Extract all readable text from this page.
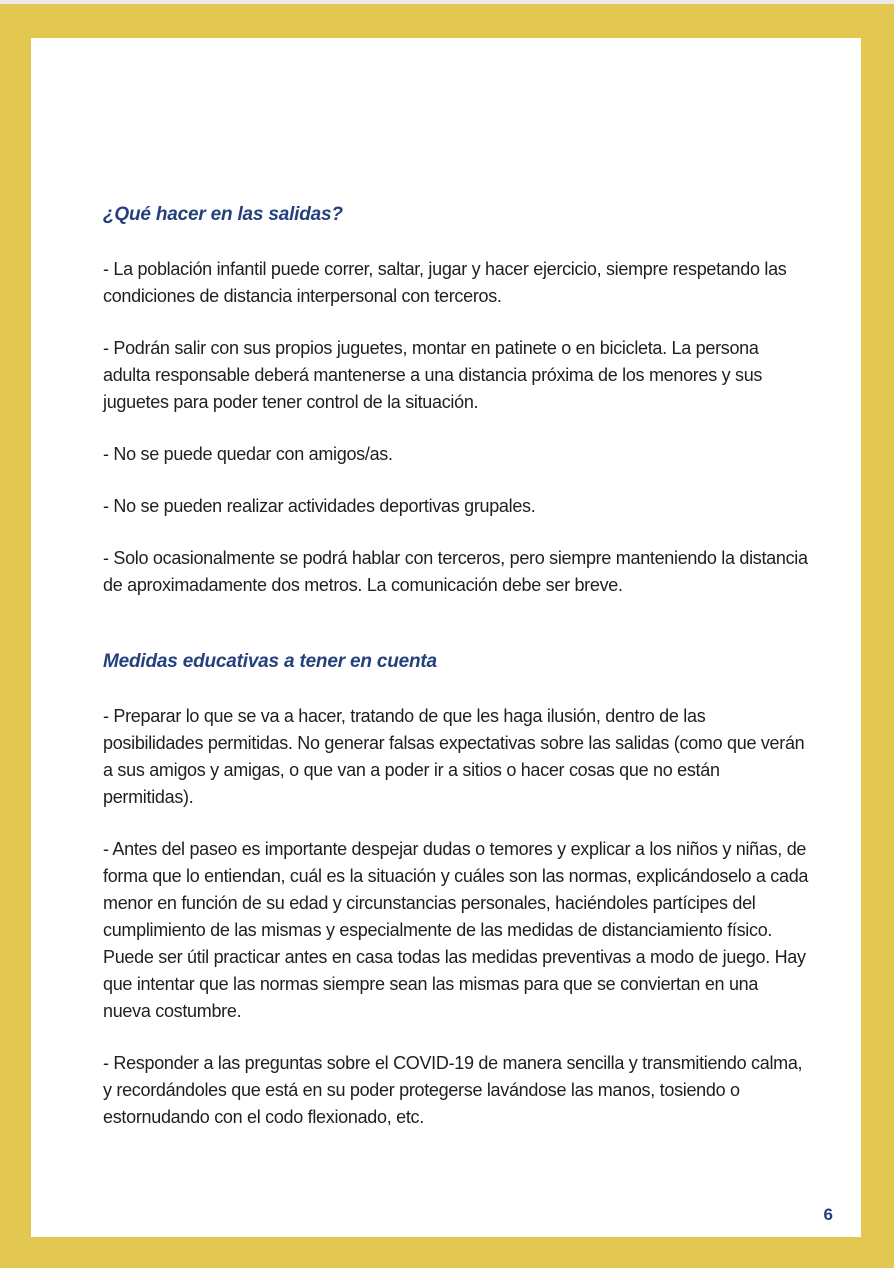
¿Qué hacer en las salidas?

- La población infantil puede correr, saltar, jugar y hacer ejercicio, siempre respetando las condiciones de distancia interpersonal con terceros.

- Podrán salir con sus propios juguetes, montar en patinete o en bicicleta. La persona adulta responsable deberá mantenerse a una distancia próxima de los menores y sus juguetes para poder tener control de la situación.

- No se puede quedar con amigos/as.

- No se pueden realizar actividades deportivas grupales.

- Solo ocasionalmente se podrá hablar con terceros, pero siempre manteniendo la distancia de aproximadamente dos metros. La comunicación debe ser breve.

Medidas educativas a tener en cuenta

- Preparar lo que se va a hacer, tratando de que les haga ilusión, dentro de las posibilidades permitidas. No generar falsas expectativas sobre las salidas (como que verán a sus amigos y amigas, o que van a poder ir a sitios o hacer cosas que no están permitidas).

- Antes del paseo es importante despejar dudas o temores y explicar a los niños y niñas, de forma que lo entiendan, cuál es la situación y cuáles son las normas, explicándoselo a cada menor en función de su edad y circunstancias personales, haciéndoles partícipes del cumplimiento de las mismas y especialmente de las medidas de distanciamiento físico. Puede ser útil practicar antes en casa todas las medidas preventivas a modo de juego. Hay que intentar que las normas siempre sean las mismas para que se conviertan en una nueva costumbre.

- Responder a las preguntas sobre el COVID-19 de manera sencilla y transmitiendo calma, y recordándoles que está en su poder protegerse lavándose las manos, tosiendo o estornudando con el codo flexionado, etc.

6
